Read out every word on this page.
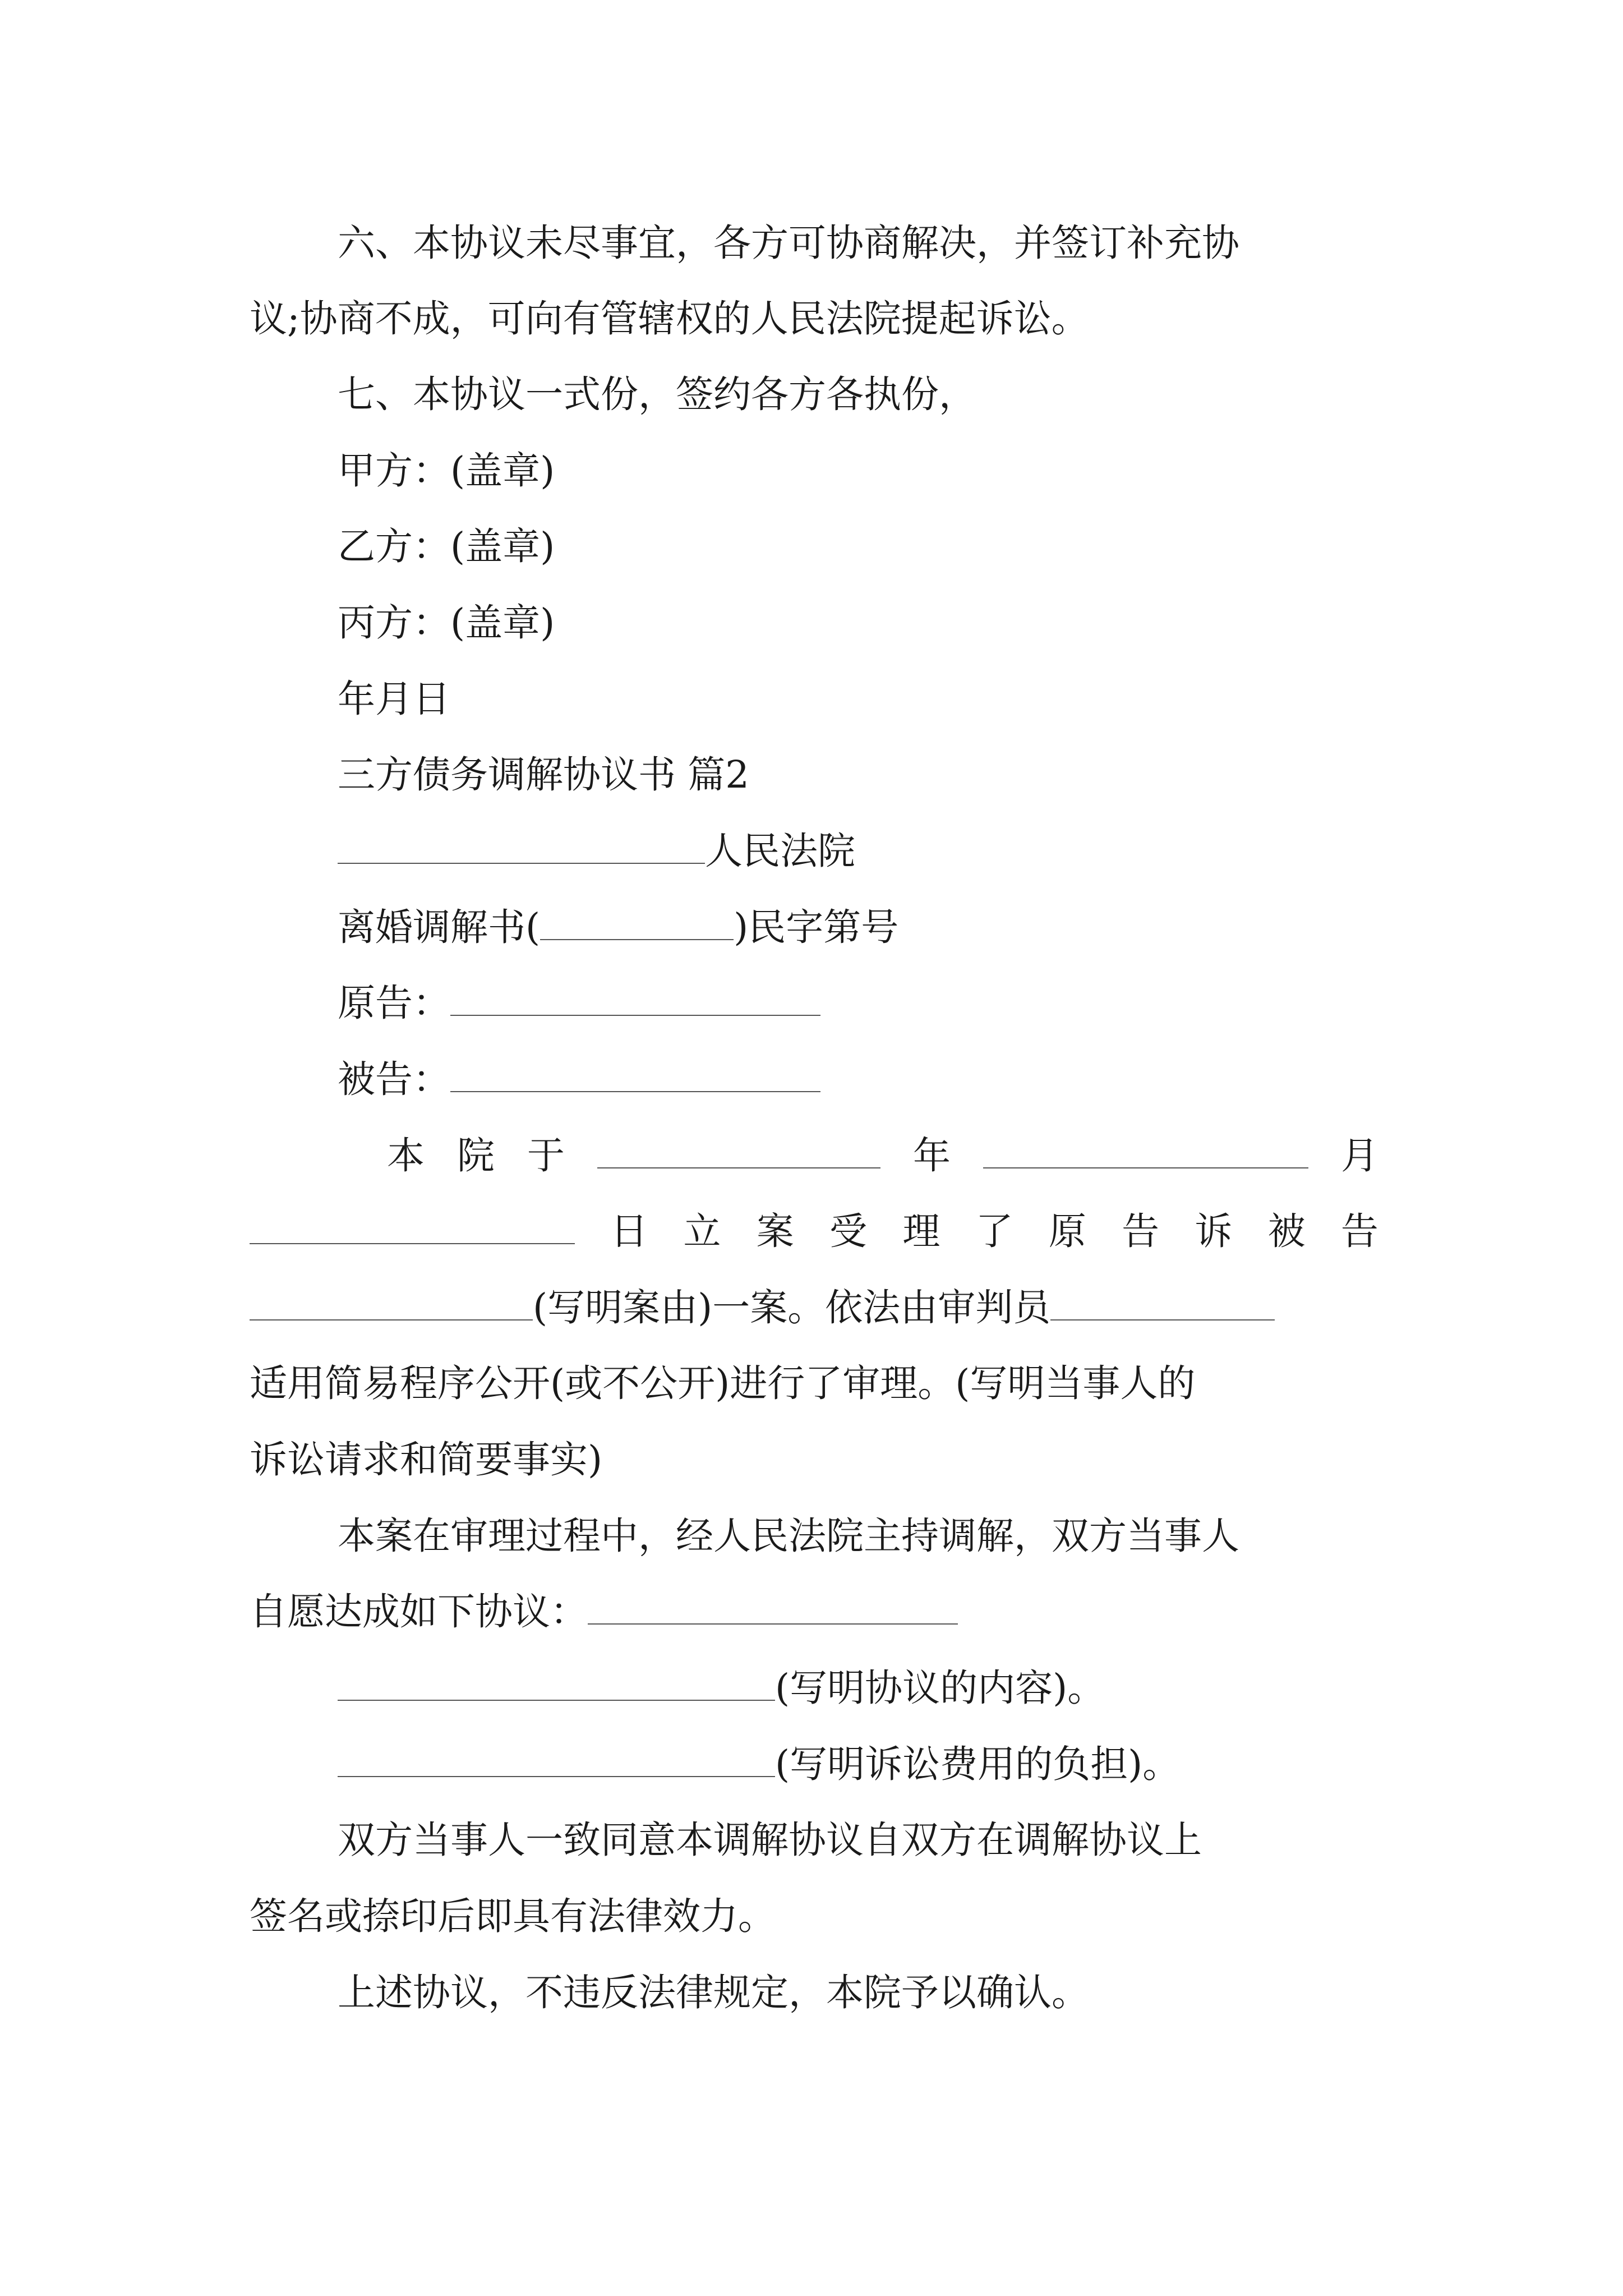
六、本协议未尽事宜，各方可协商解决，并签订补充协
议;协商不成，可向有管辖权的人民法院提起诉讼。
七、本协议一式份，签约各方各执份，
甲方：(盖章)
乙方：(盖章)
丙方：(盖章)
年月日
三方债务调解协议书 篇2
人民法院
离婚调解书(	)民字第号
原告：
被告：
本 院 于	年	月
日 立 案 受 理 了 原 告 诉 被 告
(写明案由)一案。依法由审判员
适用简易程序公开(或不公开)进行了审理。(写明当事人的
诉讼请求和简要事实)
本案在审理过程中，经人民法院主持调解，双方当事人
自愿达成如下协议：
(写明协议的内容)。
(写明诉讼费用的负担)。
双方当事人一致同意本调解协议自双方在调解协议上
签名或捺印后即具有法律效力。
上述协议，不违反法律规定，本院予以确认。
